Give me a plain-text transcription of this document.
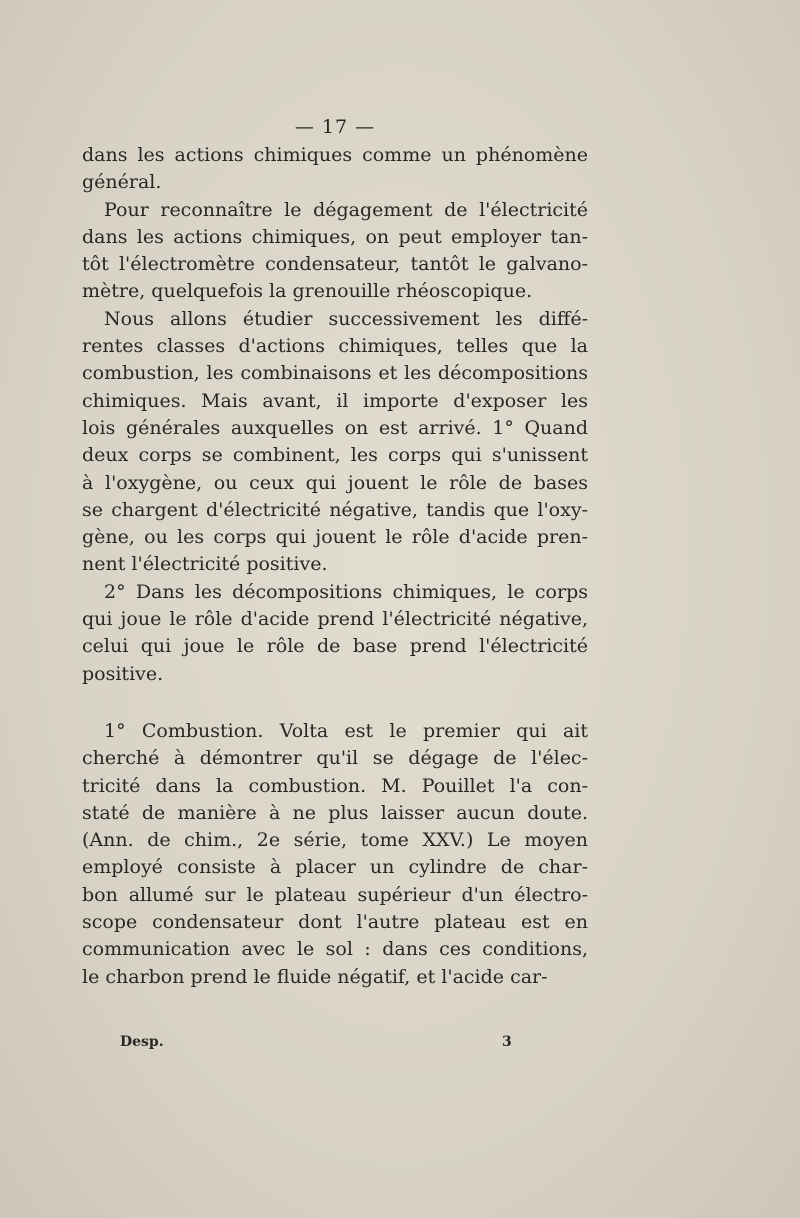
— 17 —
dans les actions chimiques comme un phénomène
général.
Pour reconnaître le dégagement de l'électricité
dans les actions chimiques, on peut employer tan-
tôt l'électromètre condensateur, tantôt le galvano-
mètre, quelquefois la grenouille rhéoscopique.
Nous allons étudier successivement les diffé-
rentes classes d'actions chimiques, telles que la
combustion, les combinaisons et les décompositions
chimiques. Mais avant, il importe d'exposer les
lois générales auxquelles on est arrivé. 1° Quand
deux corps se combinent, les corps qui s'unissent
à l'oxygène, ou ceux qui jouent le rôle de bases
se chargent d'électricité négative, tandis que l'oxy-
gène, ou les corps qui jouent le rôle d'acide pren-
nent l'électricité positive.
2° Dans les décompositions chimiques, le corps
qui joue le rôle d'acide prend l'électricité négative,
celui qui joue le rôle de base prend l'électricité
positive.
1° Combustion. Volta est le premier qui ait
cherché à démontrer qu'il se dégage de l'élec-
tricité dans la combustion. M. Pouillet l'a con-
staté de manière à ne plus laisser aucun doute.
(Ann. de chim., 2e série, tome XXV.) Le moyen
employé consiste à placer un cylindre de char-
bon allumé sur le plateau supérieur d'un électro-
scope condensateur dont l'autre plateau est en
communication avec le sol : dans ces conditions,
le charbon prend le fluide négatif, et l'acide car-
Desp.	3
